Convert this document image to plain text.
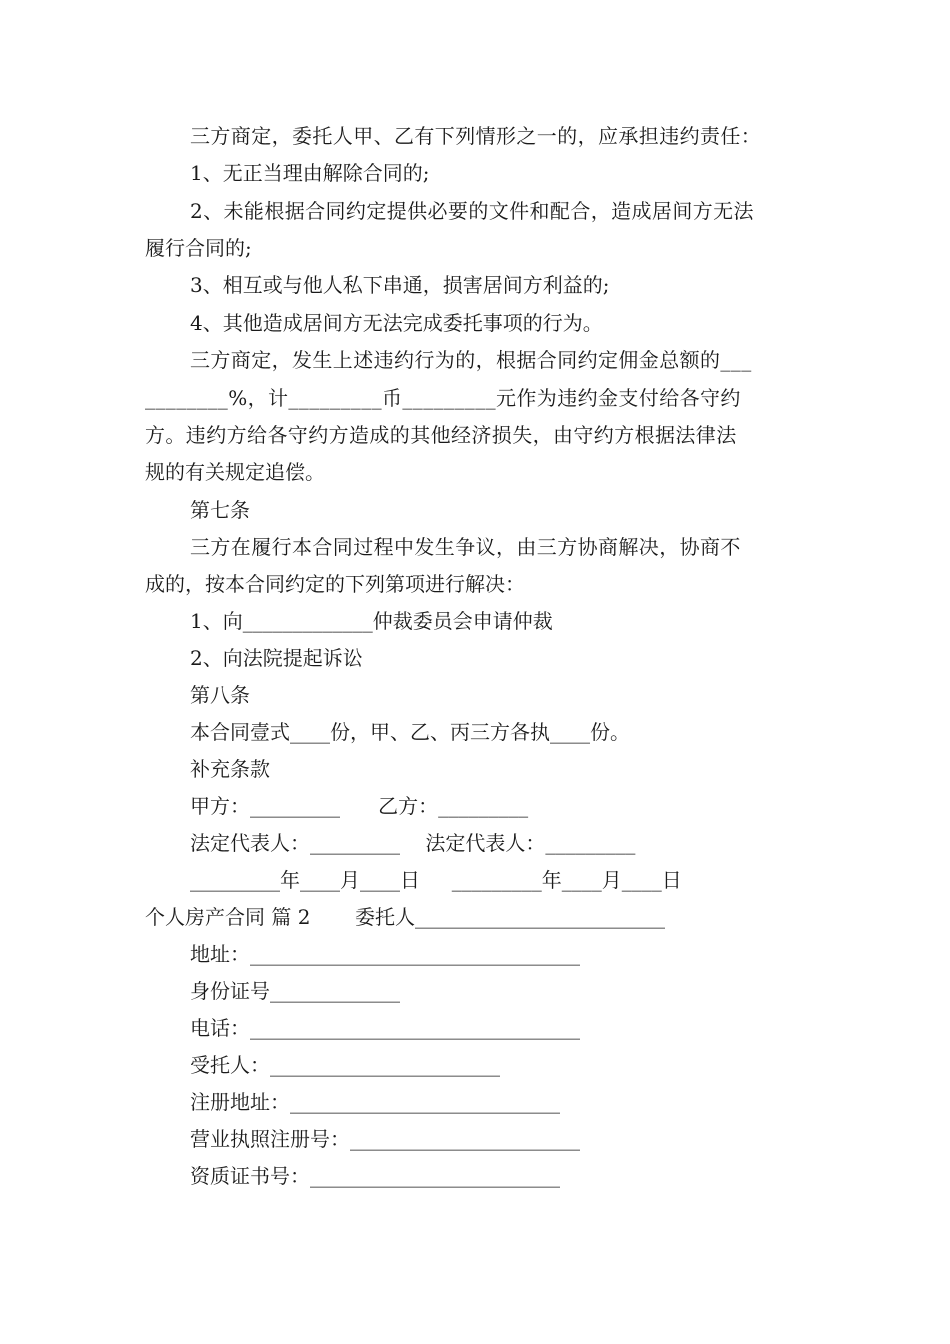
三方商定，委托人甲、乙有下列情形之一的，应承担违约责任：
1、无正当理由解除合同的;
2、未能根据合同约定提供必要的文件和配合，造成居间方无法
履行合同的;
3、相互或与他人私下串通，损害居间方利益的;
4、其他造成居间方无法完成委托事项的行为。
三方商定，发生上述违约行为的，根据合同约定佣金总额的___
________%，计_________币_________元作为违约金支付给各守约
方。违约方给各守约方造成的其他经济损失，由守约方根据法律法
规的有关规定追偿。
第七条
三方在履行本合同过程中发生争议，由三方协商解决，协商不
成的，按本合同约定的下列第项进行解决：
1、向_____________仲裁委员会申请仲裁
2、向法院提起诉讼
第八条
本合同壹式____份，甲、乙、丙三方各执____份。
补充条款
甲方：_________      乙方：_________
法定代表人：_________    法定代表人：_________
_________年____月____日     _________年____月____日
个人房产合同 篇 2       委托人_________________________
地址：_________________________________
身份证号_____________
电话：_________________________________
受托人：_______________________
注册地址：___________________________
营业执照注册号：_______________________
资质证书号：_________________________
